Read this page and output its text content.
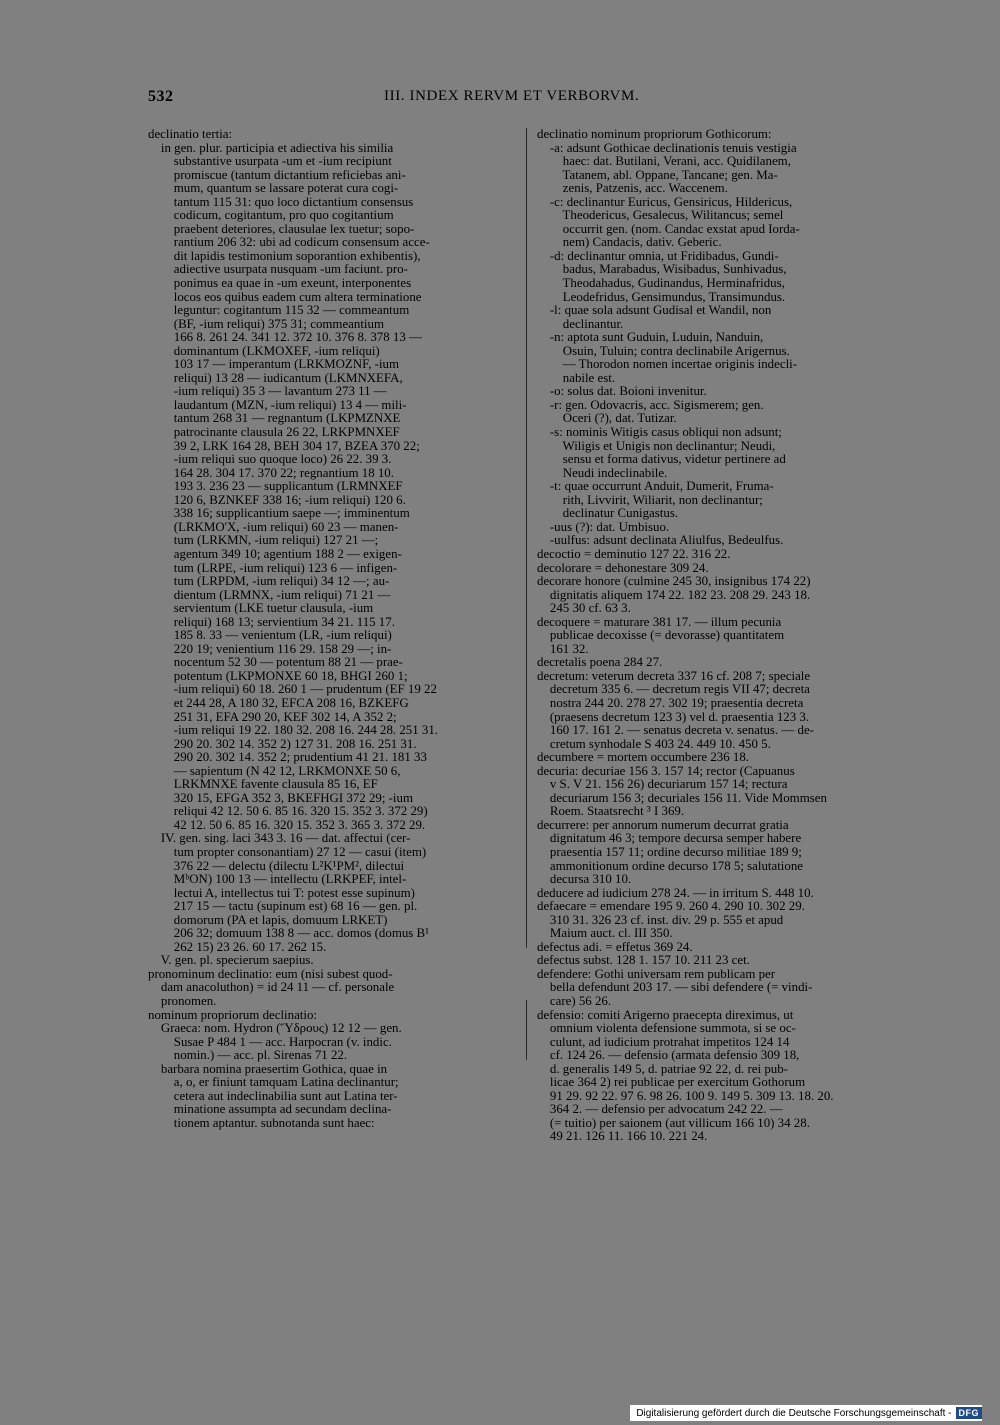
532	III. INDEX RERVM ET VERBORVM.
declinatio tertia:
in gen. plur. participia et adiectiva his similia
substantive usurpata -um et -ium recipiunt
promiscue (tantum dictantium reficiebas ani-
mum, quantum se lassare poterat cura cogi-
tantum 115 31: quo loco dictantium consensus
codicum, cogitantum, pro quo cogitantium
praebent deteriores, clausulae lex tuetur; sopo-
rantium 206 32: ubi ad codicum consensum acce-
dit lapidis testimonium soporantion exhibentis),
adiective usurpata nusquam -um faciunt. pro-
ponimus ea quae in -um exeunt, interponentes
locos eos quibus eadem cum altera terminatione
leguntur: cogitantum 115 32 — commeantum
(BF, -ium reliqui) 375 31; commeantium
166 8. 261 24. 341 12. 372 10. 376 8. 378 13 —
dominantum (LKMOXEF, -ium reliqui)
103 17 — imperantum (LRKMOZNF, -ium
reliqui) 13 28 — iudicantum (LKMNXEFA,
-ium reliqui) 35 3 — lavantum 273 11 —
laudantum (MZN, -ium reliqui) 13 4 — mili-
tantum 268 31 — regnantum (LKPMZNXE
patrocinante clausula 26 22, LRKPMNXEF
39 2, LRK 164 28, BEH 304 17, BZEA 370 22;
-ium reliqui suo quoque loco) 26 22. 39 3.
164 28. 304 17. 370 22; regnantium 18 10.
193 3. 236 23 — supplicantum (LRMNXEF
120 6, BZNKEF 338 16; -ium reliqui) 120 6.
338 16; supplicantium saepe —; imminentum
(LRKMO'X, -ium reliqui) 60 23 — manen-
tum (LRKMN, -ium reliqui) 127 21 —;
agentum 349 10; agentium 188 2 — exigen-
tum (LRPE, -ium reliqui) 123 6 — infigen-
tum (LRPDM, -ium reliqui) 34 12 —; au-
dientum (LRMNX, -ium reliqui) 71 21 —
servientum (LKE tuetur clausula, -ium
reliqui) 168 13; servientium 34 21. 115 17.
185 8. 33 — venientum (LR, -ium reliqui)
220 19; venientium 116 29. 158 29 —; in-
nocentum 52 30 — potentum 88 21 — prae-
potentum (LKPMONXE 60 18, BHGI 260 1;
-ium reliqui) 60 18. 260 1 — prudentum (EF 19 22
et 244 28, A 180 32, EFCA 208 16, BZKEFG
251 31, EFA 290 20, KEF 302 14, A 352 2;
-ium reliqui 19 22. 180 32. 208 16. 244 28. 251 31.
290 20. 302 14. 352 2) 127 31. 208 16. 251 31.
290 20. 302 14. 352 2; prudentium 41 21. 181 33
— sapientum (N 42 12, LRKMONXE 50 6,
LRKMNXE favente clausula 85 16, EF
320 15, EFGA 352 3, BKEFHGI 372 29; -ium
reliqui 42 12. 50 6. 85 16. 320 15. 352 3. 372 29)
42 12. 50 6. 85 16. 320 15. 352 3. 365 3. 372 29.
IV. gen. sing. laci 343 3. 16 — dat. affectui (cer-
tum propter consonantiam) 27 12 — casui (item)
376 22 — delectu (dilectu L²K¹PM², dilectui
MᵇON) 100 13 — intellectu (LRKPEF, intel-
lectui A, intellectus tui T: potest esse supinum)
217 15 — tactu (supinum est) 68 16 — gen. pl.
domorum (PA et lapis, domuum LRKET)
206 32; domuum 138 8 — acc. domos (domus B¹
262 15) 23 26. 60 17. 262 15.
V. gen. pl. specierum saepius.
pronominum declinatio: eum (nisi subest quod-
dam anacoluthon) = id 24 11 — cf. personale
pronomen.
nominum propriorum declinatio:
Graeca: nom. Hydron (Ὕδρους) 12 12 — gen.
Susae P 484 1 — acc. Harpocran (v. indic.
nomin.) — acc. pl. Sirenas 71 22.
barbara nomina praesertim Gothica, quae in
a, o, er finiunt tamquam Latina declinantur;
cetera aut indeclinabilia sunt aut Latina ter-
minatione assumpta ad secundam declina-
tionem aptantur. subnotanda sunt haec:
declinatio nominum propriorum Gothicorum:
-a: adsunt Gothicae declinationis tenuis vestigia
haec: dat. Butilani, Verani, acc. Quidilanem,
Tatanem, abl. Oppane, Tancane; gen. Ma-
zenis, Patzenis, acc. Waccenem.
-c: declinantur Euricus, Gensiricus, Hildericus,
Theodericus, Gesalecus, Wilitancus; semel
occurrit gen. (nom. Candac exstat apud Iorda-
nem) Candacis, dativ. Geberic.
-d: declinantur omnia, ut Fridibadus, Gundi-
badus, Marabadus, Wisibadus, Sunhivadus,
Theodahadus, Gudinandus, Herminafridus,
Leodefridus, Gensimundus, Transimundus.
-l: quae sola adsunt Gudisal et Wandil, non
declinantur.
-n: aptota sunt Guduin, Luduin, Nanduin,
Osuin, Tuluin; contra declinabile Arigernus.
— Thorodon nomen incertae originis indecli-
nabile est.
-o: solus dat. Boioni invenitur.
-r: gen. Odovacris, acc. Sigismerem; gen.
Oceri (?), dat. Tutizar.
-s: nominis Witigis casus obliqui non adsunt;
Wiligis et Unigis non declinantur; Neudi,
sensu et forma dativus, videtur pertinere ad
Neudi indeclinabile.
-t: quae occurrunt Anduit, Dumerit, Fruma-
rith, Livvirit, Wiliarit, non declinantur;
declinatur Cunigastus.
-uus (?): dat. Umbisuo.
-uulfus: adsunt declinata Aliulfus, Bedeulfus.
decoctio = deminutio 127 22. 316 22.
decolorare = dehonestare 309 24.
decorare honore (culmine 245 30, insignibus 174 22)
dignitatis aliquem 174 22. 182 23. 208 29. 243 18.
245 30 cf. 63 3.
decoquere = maturare 381 17. — illum pecunia
publicae decoxisse (= devorasse) quantitatem
161 32.
decretalis poena 284 27.
decretum: veterum decreta 337 16 cf. 208 7; speciale
decretum 335 6. — decretum regis VII 47; decreta
nostra 244 20. 278 27. 302 19; praesentia decreta
(praesens decretum 123 3) vel d. praesentia 123 3.
160 17. 161 2. — senatus decreta v. senatus. — de-
cretum synhodale S 403 24. 449 10. 450 5.
decumbere = mortem occumbere 236 18.
decuria: decuriae 156 3. 157 14; rector (Capuanus
v S. V 21. 156 26) decuriarum 157 14; rectura
decuriarum 156 3; decuriales 156 11. Vide Mommsen
Roem. Staatsrecht ³ I 369.
decurrere: per annorum numerum decurrat gratia
dignitatum 46 3; tempore decursa semper habere
praesentia 157 11; ordine decurso militiae 189 9;
ammonitionum ordine decurso 178 5; salutatione
decursa 310 10.
deducere ad iudicium 278 24. — in irritum S. 448 10.
defaecare = emendare 195 9. 260 4. 290 10. 302 29.
310 31. 326 23 cf. inst. div. 29 p. 555 et apud
Maium auct. cl. III 350.
defectus adi. = effetus 369 24.
defectus subst. 128 1. 157 10. 211 23 cet.
defendere: Gothi universam rem publicam per
bella defendunt 203 17. — sibi defendere (= vindi-
care) 56 26.
defensio: comiti Arigerno praecepta direximus, ut
omnium violenta defensione summota, si se oc-
culunt, ad iudicium protrahat impetitos 124 14
cf. 124 26. — defensio (armata defensio 309 18,
d. generalis 149 5, d. patriae 92 22, d. rei pub-
licae 364 2) rei publicae per exercitum Gothorum
91 29. 92 22. 97 6. 98 26. 100 9. 149 5. 309 13. 18. 20.
364 2. — defensio per advocatum 242 22. —
(= tuitio) per saionem (aut villicum 166 10) 34 28.
49 21. 126 11. 166 10. 221 24.
Digitalisierung gefördert durch die Deutsche Forschungsgemeinschaft - DFG
